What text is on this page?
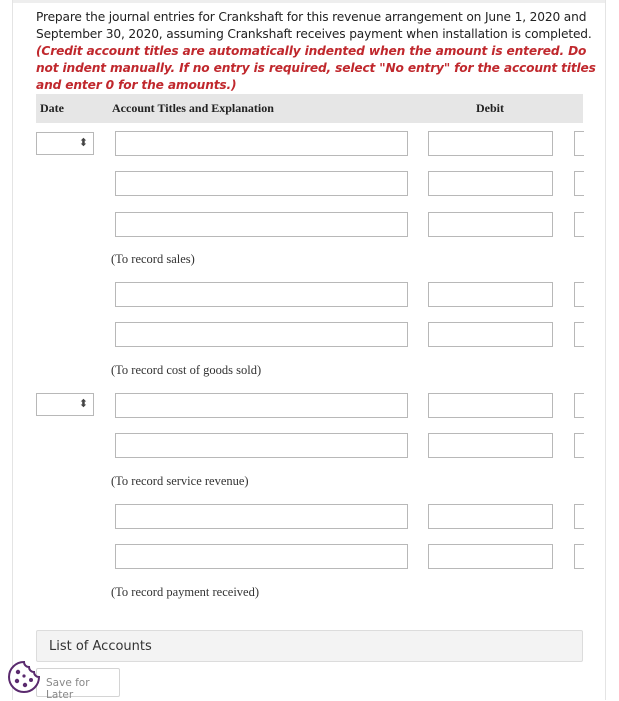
Prepare the journal entries for Crankshaft for this revenue arrangement on June 1, 2020 and September 30, 2020, assuming Crankshaft receives payment when installation is completed. (Credit account titles are automatically indented when the amount is entered. Do not indent manually. If no entry is required, select "No entry" for the account titles and enter 0 for the amounts.)
Date	Account Titles and Explanation	Debit
⬍
(To record sales)
(To record cost of goods sold)
⬍
(To record service revenue)
(To record payment received)
List of Accounts
Save for Later
